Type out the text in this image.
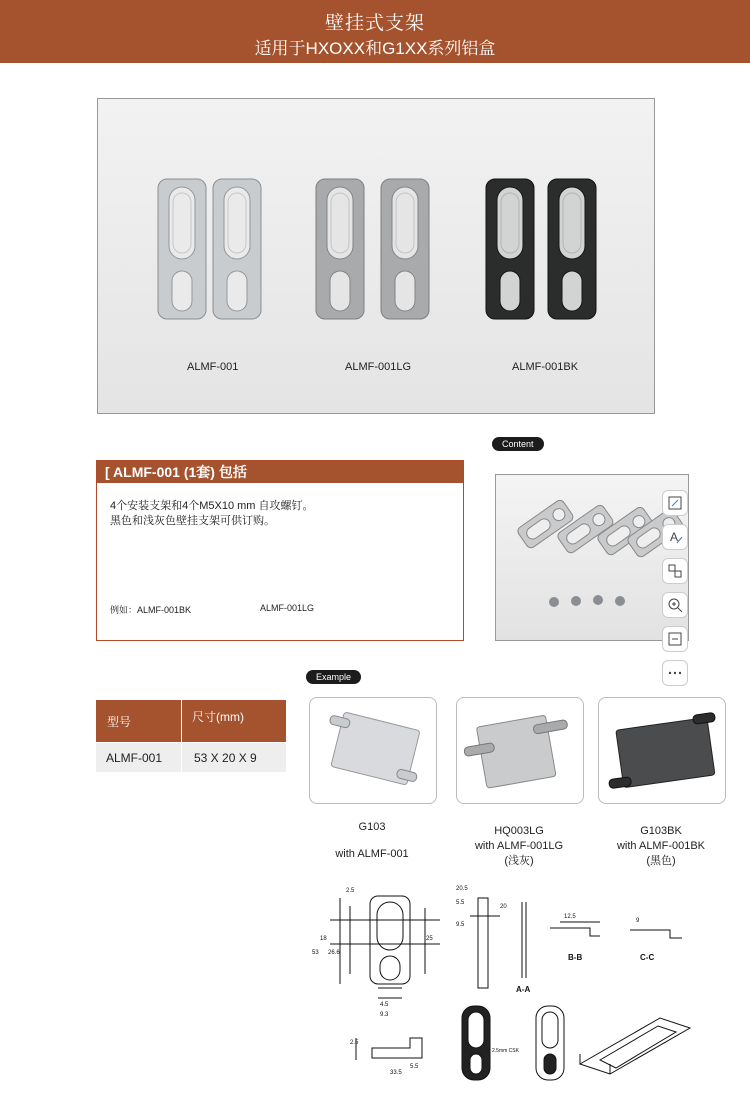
壁挂式支架
适用于HXOXX和G1XX系列铝盒
ALMF-001	ALMF-001LG	ALMF-001BK
Content
[ ALMF-001 (1套) 包括
4个安装支架和4个M5X10 mm 自攻螺钉。
黑色和浅灰色壁挂支架可供订购。
例如：ALMF-001BK	ALMF-001LG
A
Example
型号	尺寸(mm)
ALMF-001	53 X 20 X 9
G103
with ALMF-001
HQ003LG
with ALMF-001LG
(浅灰)
G103BK
with ALMF-001BK
(黑色)
2.5	20.5
5.5
9.5
20
12.5
18
26.6
53
4.5
9.3
9
25
2.5
33.5
5.5
A-A
B-B	C-C
2.5mm CSK
